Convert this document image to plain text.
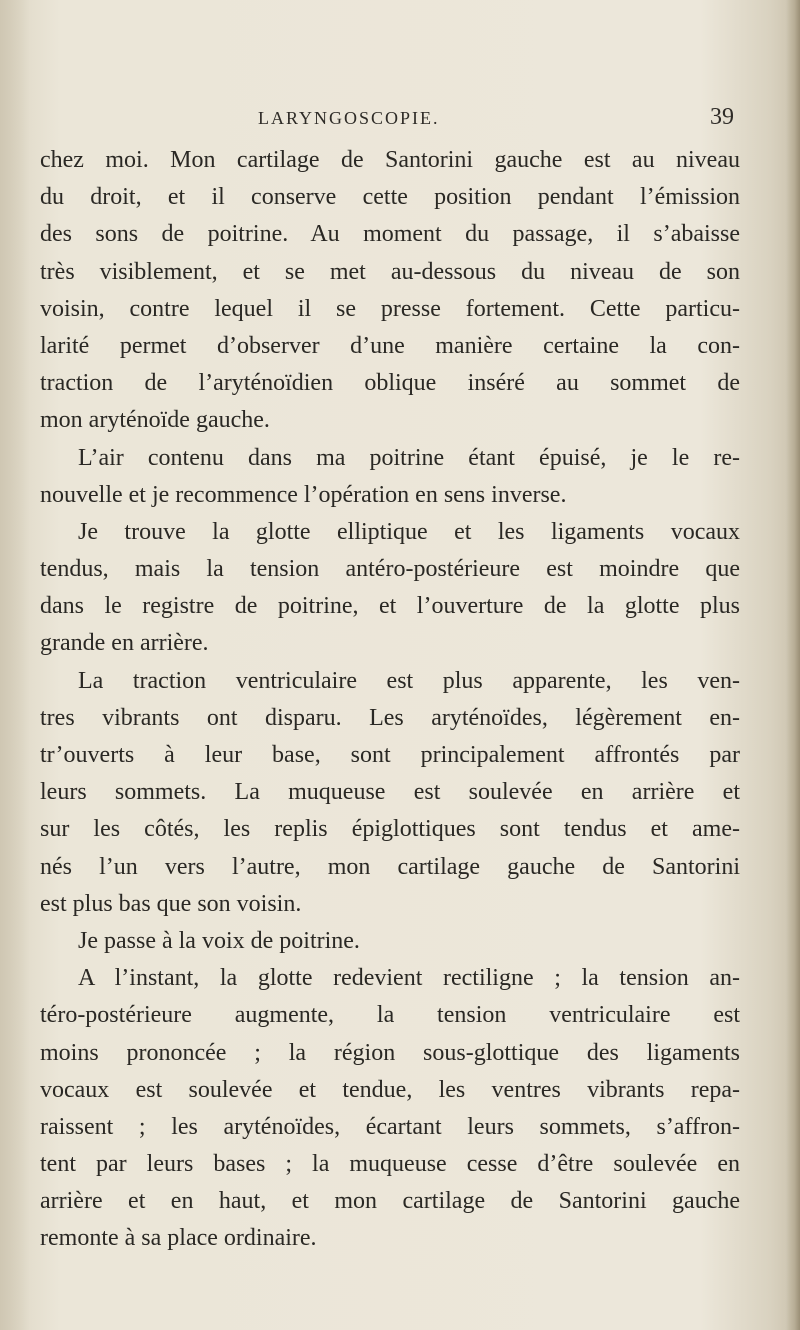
LARYNGOSCOPIE.	39
chez moi. Mon cartilage de Santorini gauche est au niveau
du droit, et il conserve cette position pendant l’émission
des sons de poitrine. Au moment du passage, il s’abaisse
très visiblement, et se met au-dessous du niveau de son
voisin, contre lequel il se presse fortement. Cette particu-
larité permet d’observer d’une manière certaine la con-
traction de l’aryténoïdien oblique inséré au sommet de
mon aryténoïde gauche.
L’air contenu dans ma poitrine étant épuisé, je le re-
nouvelle et je recommence l’opération en sens inverse.
Je trouve la glotte elliptique et les ligaments vocaux
tendus, mais la tension antéro-postérieure est moindre que
dans le registre de poitrine, et l’ouverture de la glotte plus
grande en arrière.
La traction ventriculaire est plus apparente, les ven-
tres vibrants ont disparu. Les aryténoïdes, légèrement en-
tr’ouverts à leur base, sont principalement affrontés par
leurs sommets. La muqueuse est soulevée en arrière et
sur les côtés, les replis épiglottiques sont tendus et ame-
nés l’un vers l’autre, mon cartilage gauche de Santorini
est plus bas que son voisin.
Je passe à la voix de poitrine.
A l’instant, la glotte redevient rectiligne ; la tension an-
téro-postérieure augmente, la tension ventriculaire est
moins prononcée ; la région sous-glottique des ligaments
vocaux est soulevée et tendue, les ventres vibrants repa-
raissent ; les aryténoïdes, écartant leurs sommets, s’affron-
tent par leurs bases ; la muqueuse cesse d’être soulevée en
arrière et en haut, et mon cartilage de Santorini gauche
remonte à sa place ordinaire.
